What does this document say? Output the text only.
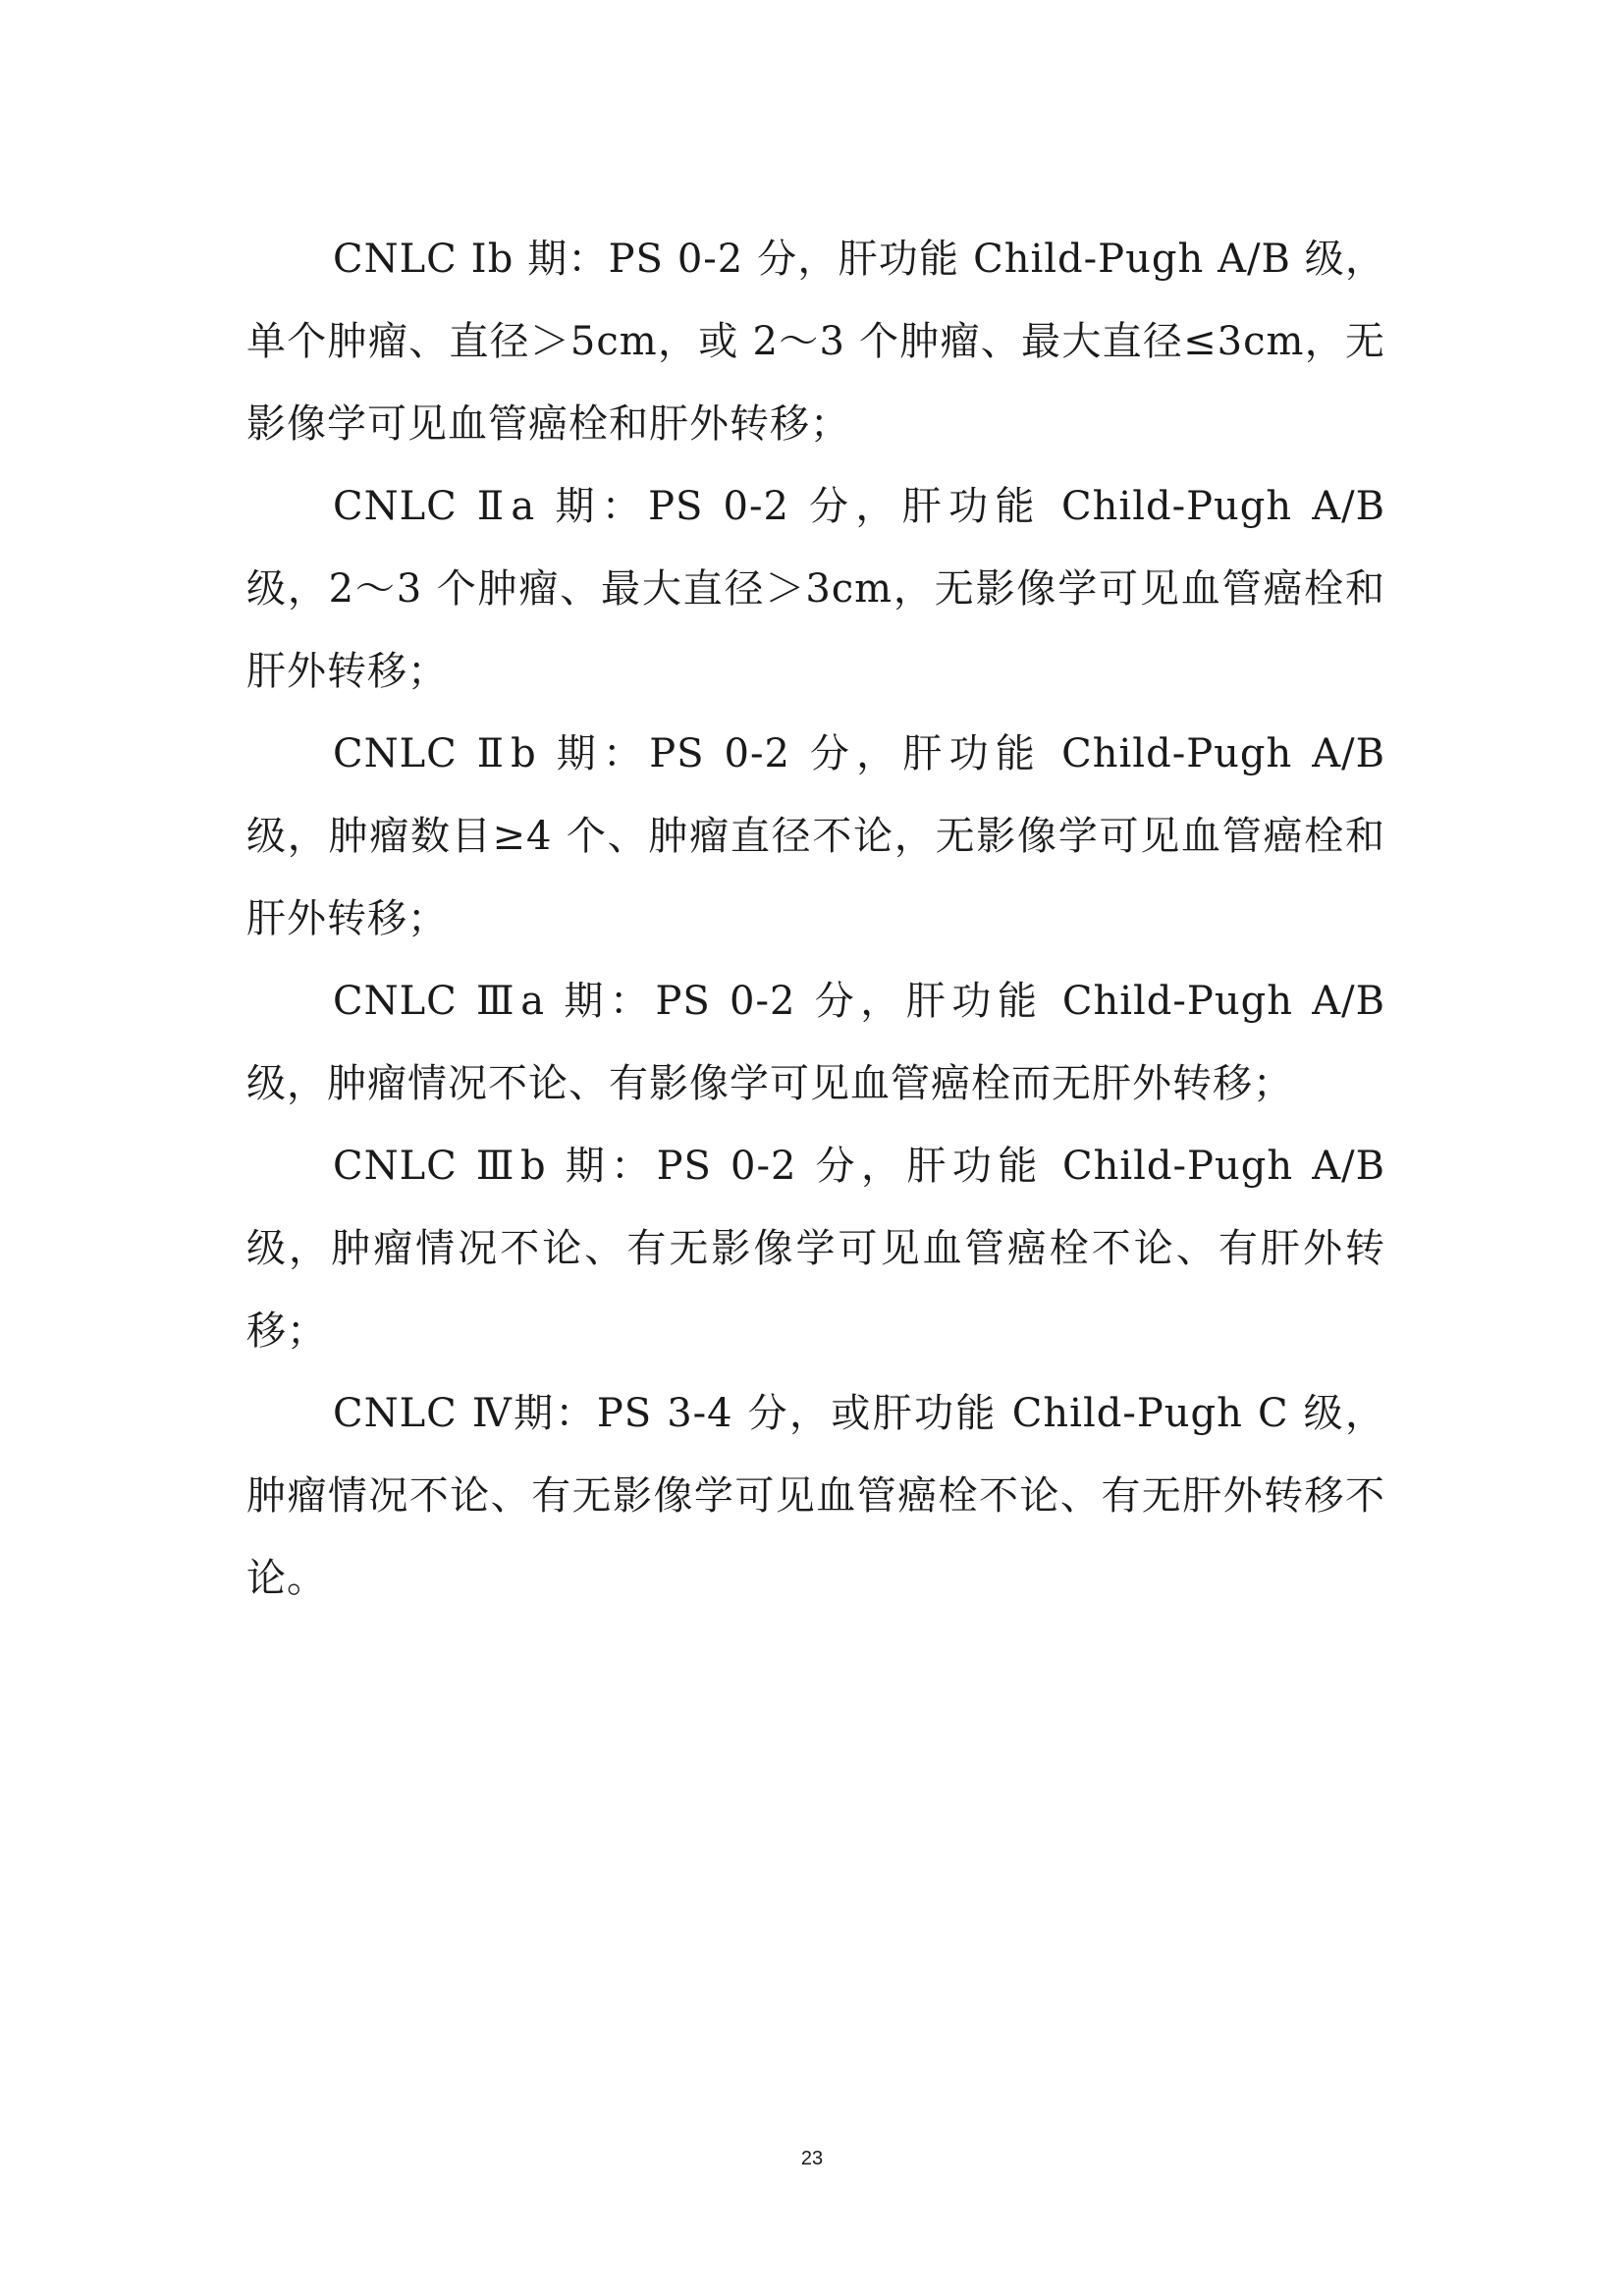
CNLC Ⅰb 期：PS 0-2 分，肝功能 Child-Pugh A/B 级，单个肿瘤、直径＞5cm，或 2～3 个肿瘤、最大直径≤3cm，无影像学可见血管癌栓和肝外转移；

CNLC Ⅱa 期：PS 0-2 分，肝功能 Child-Pugh A/B 级，2～3 个肿瘤、最大直径＞3cm，无影像学可见血管癌栓和肝外转移；

CNLC Ⅱb 期：PS 0-2 分，肝功能 Child-Pugh A/B 级，肿瘤数目≥4 个、肿瘤直径不论，无影像学可见血管癌栓和肝外转移；

CNLC Ⅲa 期：PS 0-2 分，肝功能 Child-Pugh A/B 级，肿瘤情况不论、有影像学可见血管癌栓而无肝外转移；

CNLC Ⅲb 期：PS 0-2 分，肝功能 Child-Pugh A/B 级，肿瘤情况不论、有无影像学可见血管癌栓不论、有肝外转移；

CNLC Ⅳ期：PS 3-4 分，或肝功能 Child-Pugh C 级，肿瘤情况不论、有无影像学可见血管癌栓不论、有无肝外转移不论。

23
